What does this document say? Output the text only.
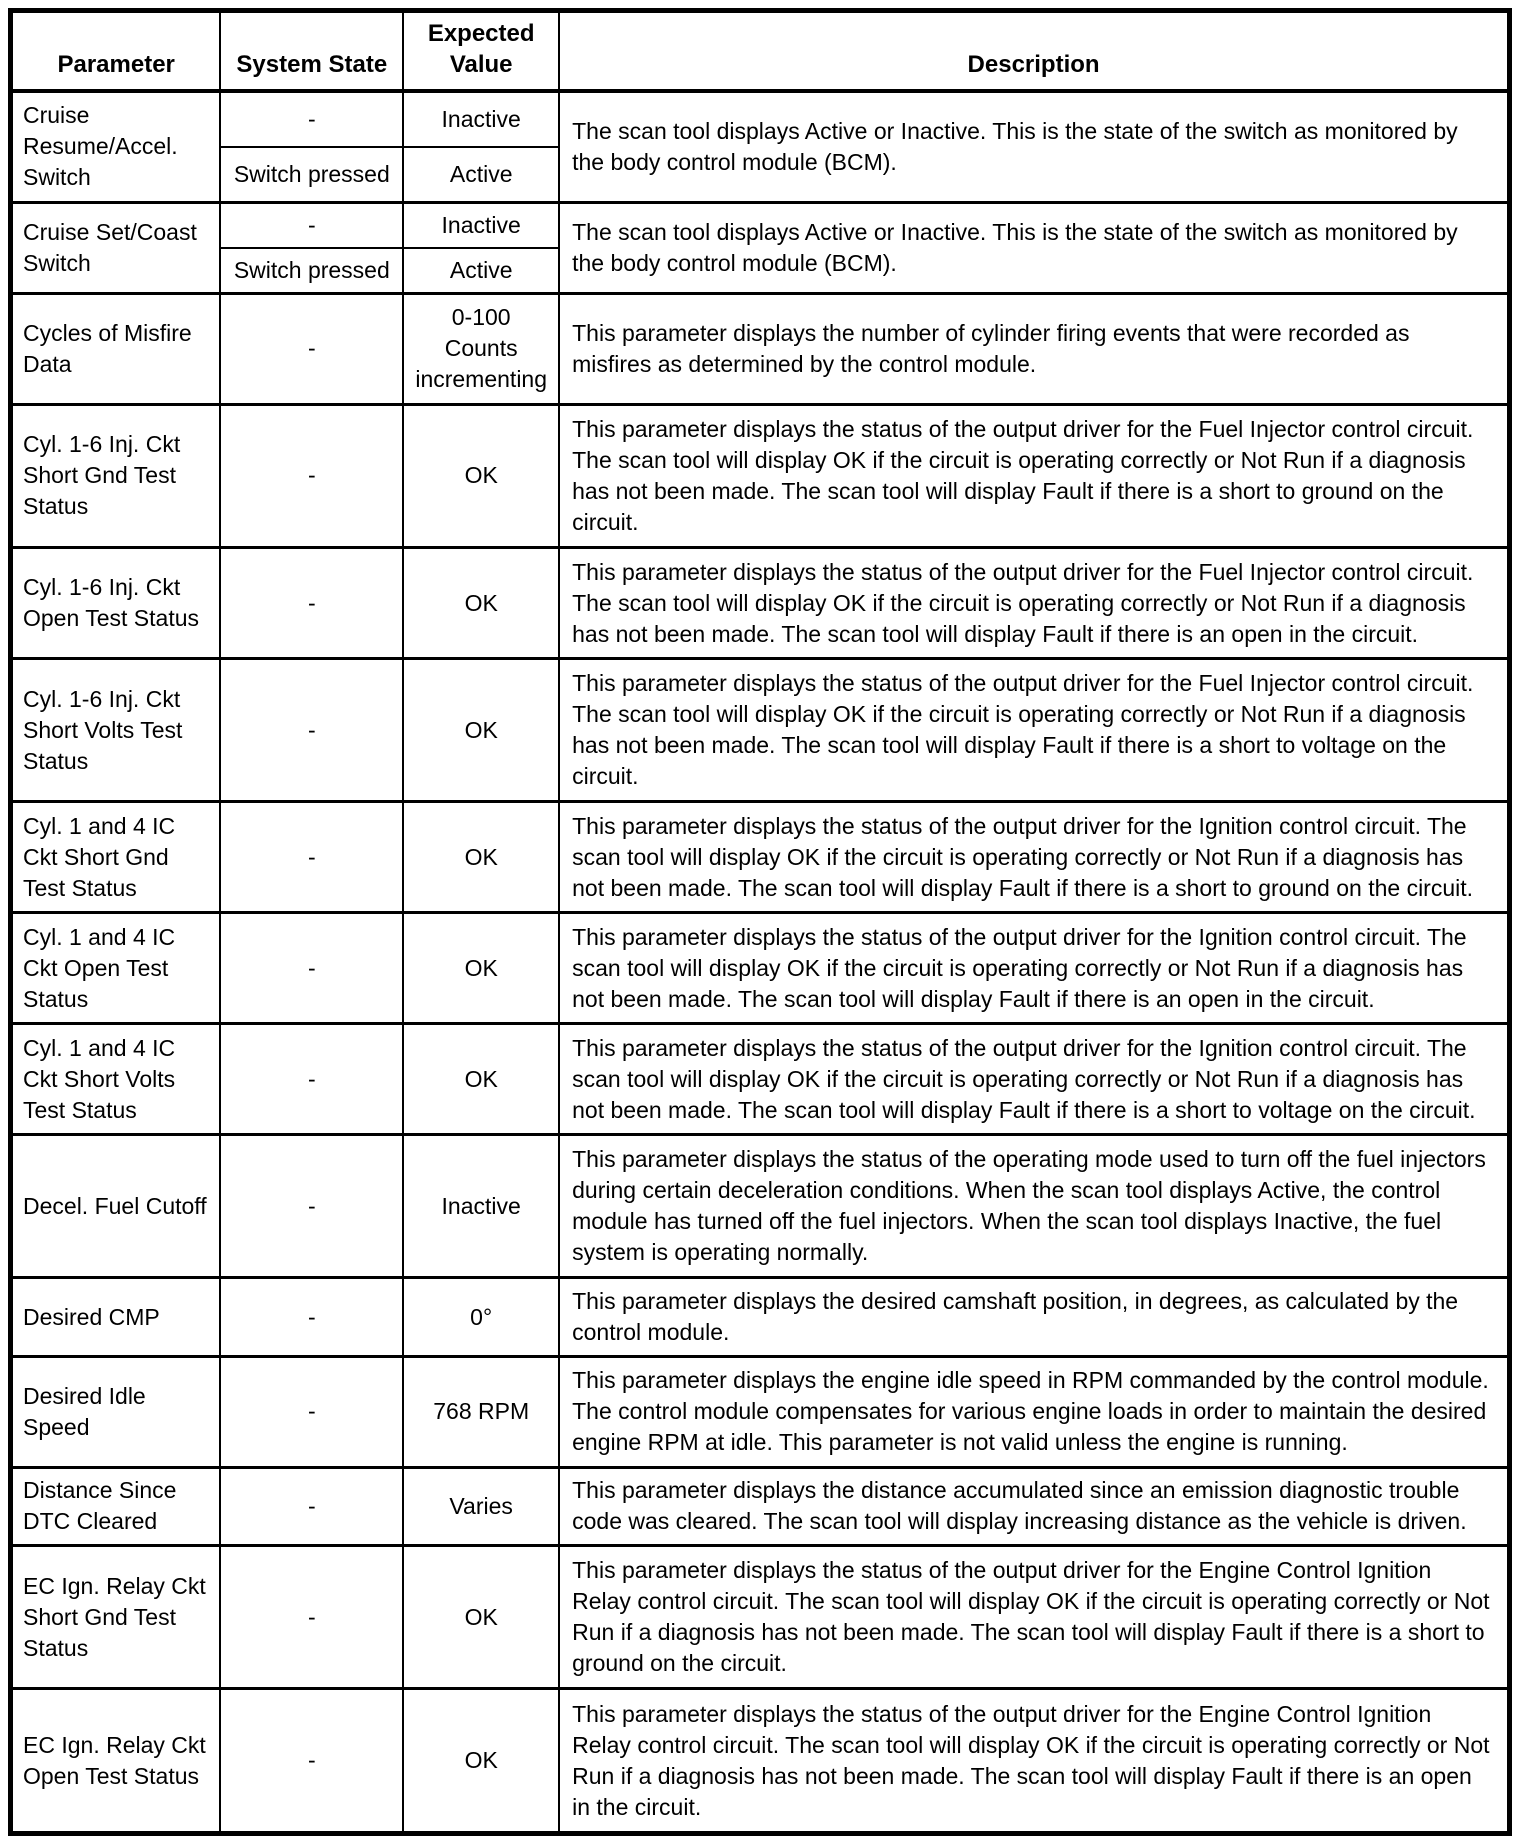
Parameter	System State	Expected Value	Description
Cruise Resume/Accel. Switch	-	Inactive	The scan tool displays Active or Inactive. This is the state of the switch as monitored by the body control module (BCM).
	Switch pressed	Active	
Cruise Set/Coast Switch	-	Inactive	The scan tool displays Active or Inactive. This is the state of the switch as monitored by the body control module (BCM).
	Switch pressed	Active	
Cycles of Misfire Data	-	0-100 Counts incrementing	This parameter displays the number of cylinder firing events that were recorded as misfires as determined by the control module.
Cyl. 1-6 Inj. Ckt Short Gnd Test Status	-	OK	This parameter displays the status of the output driver for the Fuel Injector control circuit. The scan tool will display OK if the circuit is operating correctly or Not Run if a diagnosis has not been made. The scan tool will display Fault if there is a short to ground on the circuit.
Cyl. 1-6 Inj. Ckt Open Test Status	-	OK	This parameter displays the status of the output driver for the Fuel Injector control circuit. The scan tool will display OK if the circuit is operating correctly or Not Run if a diagnosis has not been made. The scan tool will display Fault if there is an open in the circuit.
Cyl. 1-6 Inj. Ckt Short Volts Test Status	-	OK	This parameter displays the status of the output driver for the Fuel Injector control circuit. The scan tool will display OK if the circuit is operating correctly or Not Run if a diagnosis has not been made. The scan tool will display Fault if there is a short to voltage on the circuit.
Cyl. 1 and 4 IC Ckt Short Gnd Test Status	-	OK	This parameter displays the status of the output driver for the Ignition control circuit. The scan tool will display OK if the circuit is operating correctly or Not Run if a diagnosis has not been made. The scan tool will display Fault if there is a short to ground on the circuit.
Cyl. 1 and 4 IC Ckt Open Test Status	-	OK	This parameter displays the status of the output driver for the Ignition control circuit. The scan tool will display OK if the circuit is operating correctly or Not Run if a diagnosis has not been made. The scan tool will display Fault if there is an open in the circuit.
Cyl. 1 and 4 IC Ckt Short Volts Test Status	-	OK	This parameter displays the status of the output driver for the Ignition control circuit. The scan tool will display OK if the circuit is operating correctly or Not Run if a diagnosis has not been made. The scan tool will display Fault if there is a short to voltage on the circuit.
Decel. Fuel Cutoff	-	Inactive	This parameter displays the status of the operating mode used to turn off the fuel injectors during certain deceleration conditions. When the scan tool displays Active, the control module has turned off the fuel injectors. When the scan tool displays Inactive, the fuel system is operating normally.
Desired CMP	-	0°	This parameter displays the desired camshaft position, in degrees, as calculated by the control module.
Desired Idle Speed	-	768 RPM	This parameter displays the engine idle speed in RPM commanded by the control module. The control module compensates for various engine loads in order to maintain the desired engine RPM at idle. This parameter is not valid unless the engine is running.
Distance Since DTC Cleared	-	Varies	This parameter displays the distance accumulated since an emission diagnostic trouble code was cleared. The scan tool will display increasing distance as the vehicle is driven.
EC Ign. Relay Ckt Short Gnd Test Status	-	OK	This parameter displays the status of the output driver for the Engine Control Ignition Relay control circuit. The scan tool will display OK if the circuit is operating correctly or Not Run if a diagnosis has not been made. The scan tool will display Fault if there is a short to ground on the circuit.
EC Ign. Relay Ckt Open Test Status	-	OK	This parameter displays the status of the output driver for the Engine Control Ignition Relay control circuit. The scan tool will display OK if the circuit is operating correctly or Not Run if a diagnosis has not been made. The scan tool will display Fault if there is an open in the circuit.
